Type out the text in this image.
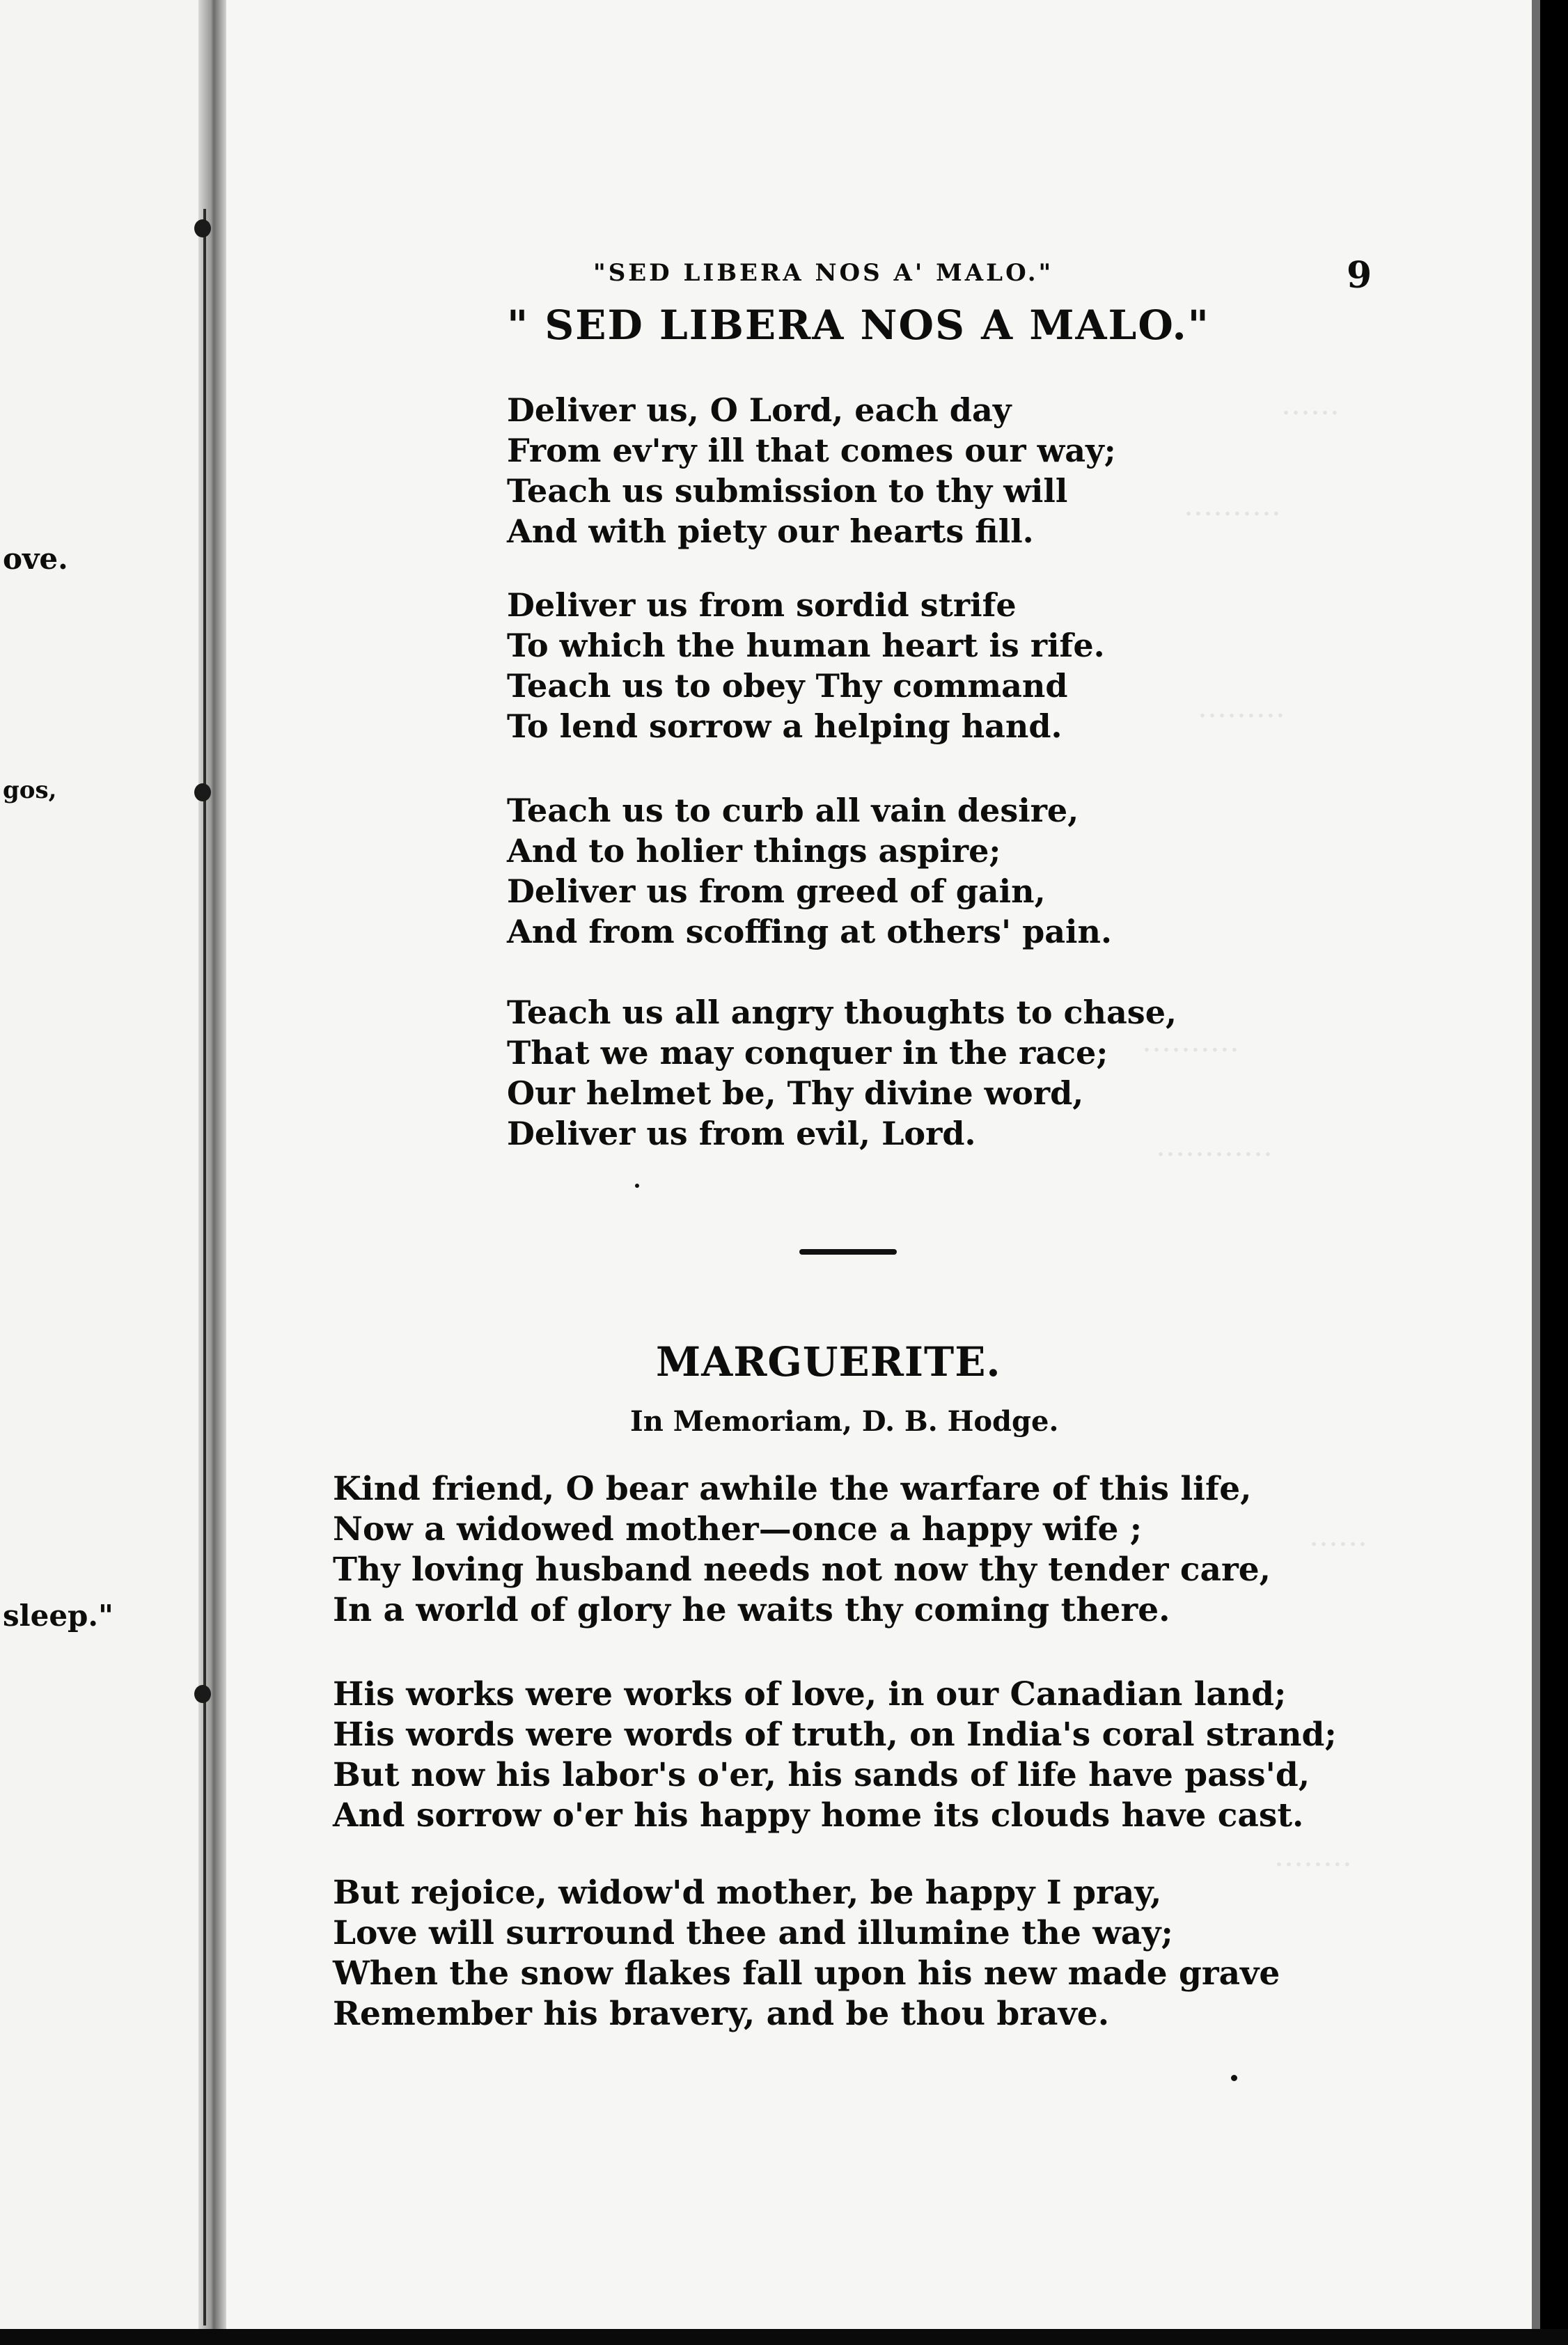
ove.
gos,
sleep."
......
..........
.........
..........
............
......
........
"SED LIBERA NOS A' MALO."	9
" SED LIBERA NOS A MALO."
Deliver us, O Lord, each day
From ev'ry ill that comes our way;
Teach us submission to thy will
And with piety our hearts fill.
Deliver us from sordid strife
To which the human heart is rife.
Teach us to obey Thy command
To lend sorrow a helping hand.
Teach us to curb all vain desire,
And to holier things aspire;
Deliver us from greed of gain,
And from scoffing at others' pain.
Teach us all angry thoughts to chase,
That we may conquer in the race;
Our helmet be, Thy divine word,
Deliver us from evil, Lord.
MARGUERITE.
In Memoriam, D. B. Hodge.
Kind friend, O bear awhile the warfare of this life,
Now a widowed mother—once a happy wife ;
Thy loving husband needs not now thy tender care,
In a world of glory he waits thy coming there.
His works were works of love, in our Canadian land;
His words were words of truth, on India's coral strand;
But now his labor's o'er, his sands of life have pass'd,
And sorrow o'er his happy home its clouds have cast.
But rejoice, widow'd mother, be happy I pray,
Love will surround thee and illumine the way;
When the snow flakes fall upon his new made grave
Remember his bravery, and be thou brave.
